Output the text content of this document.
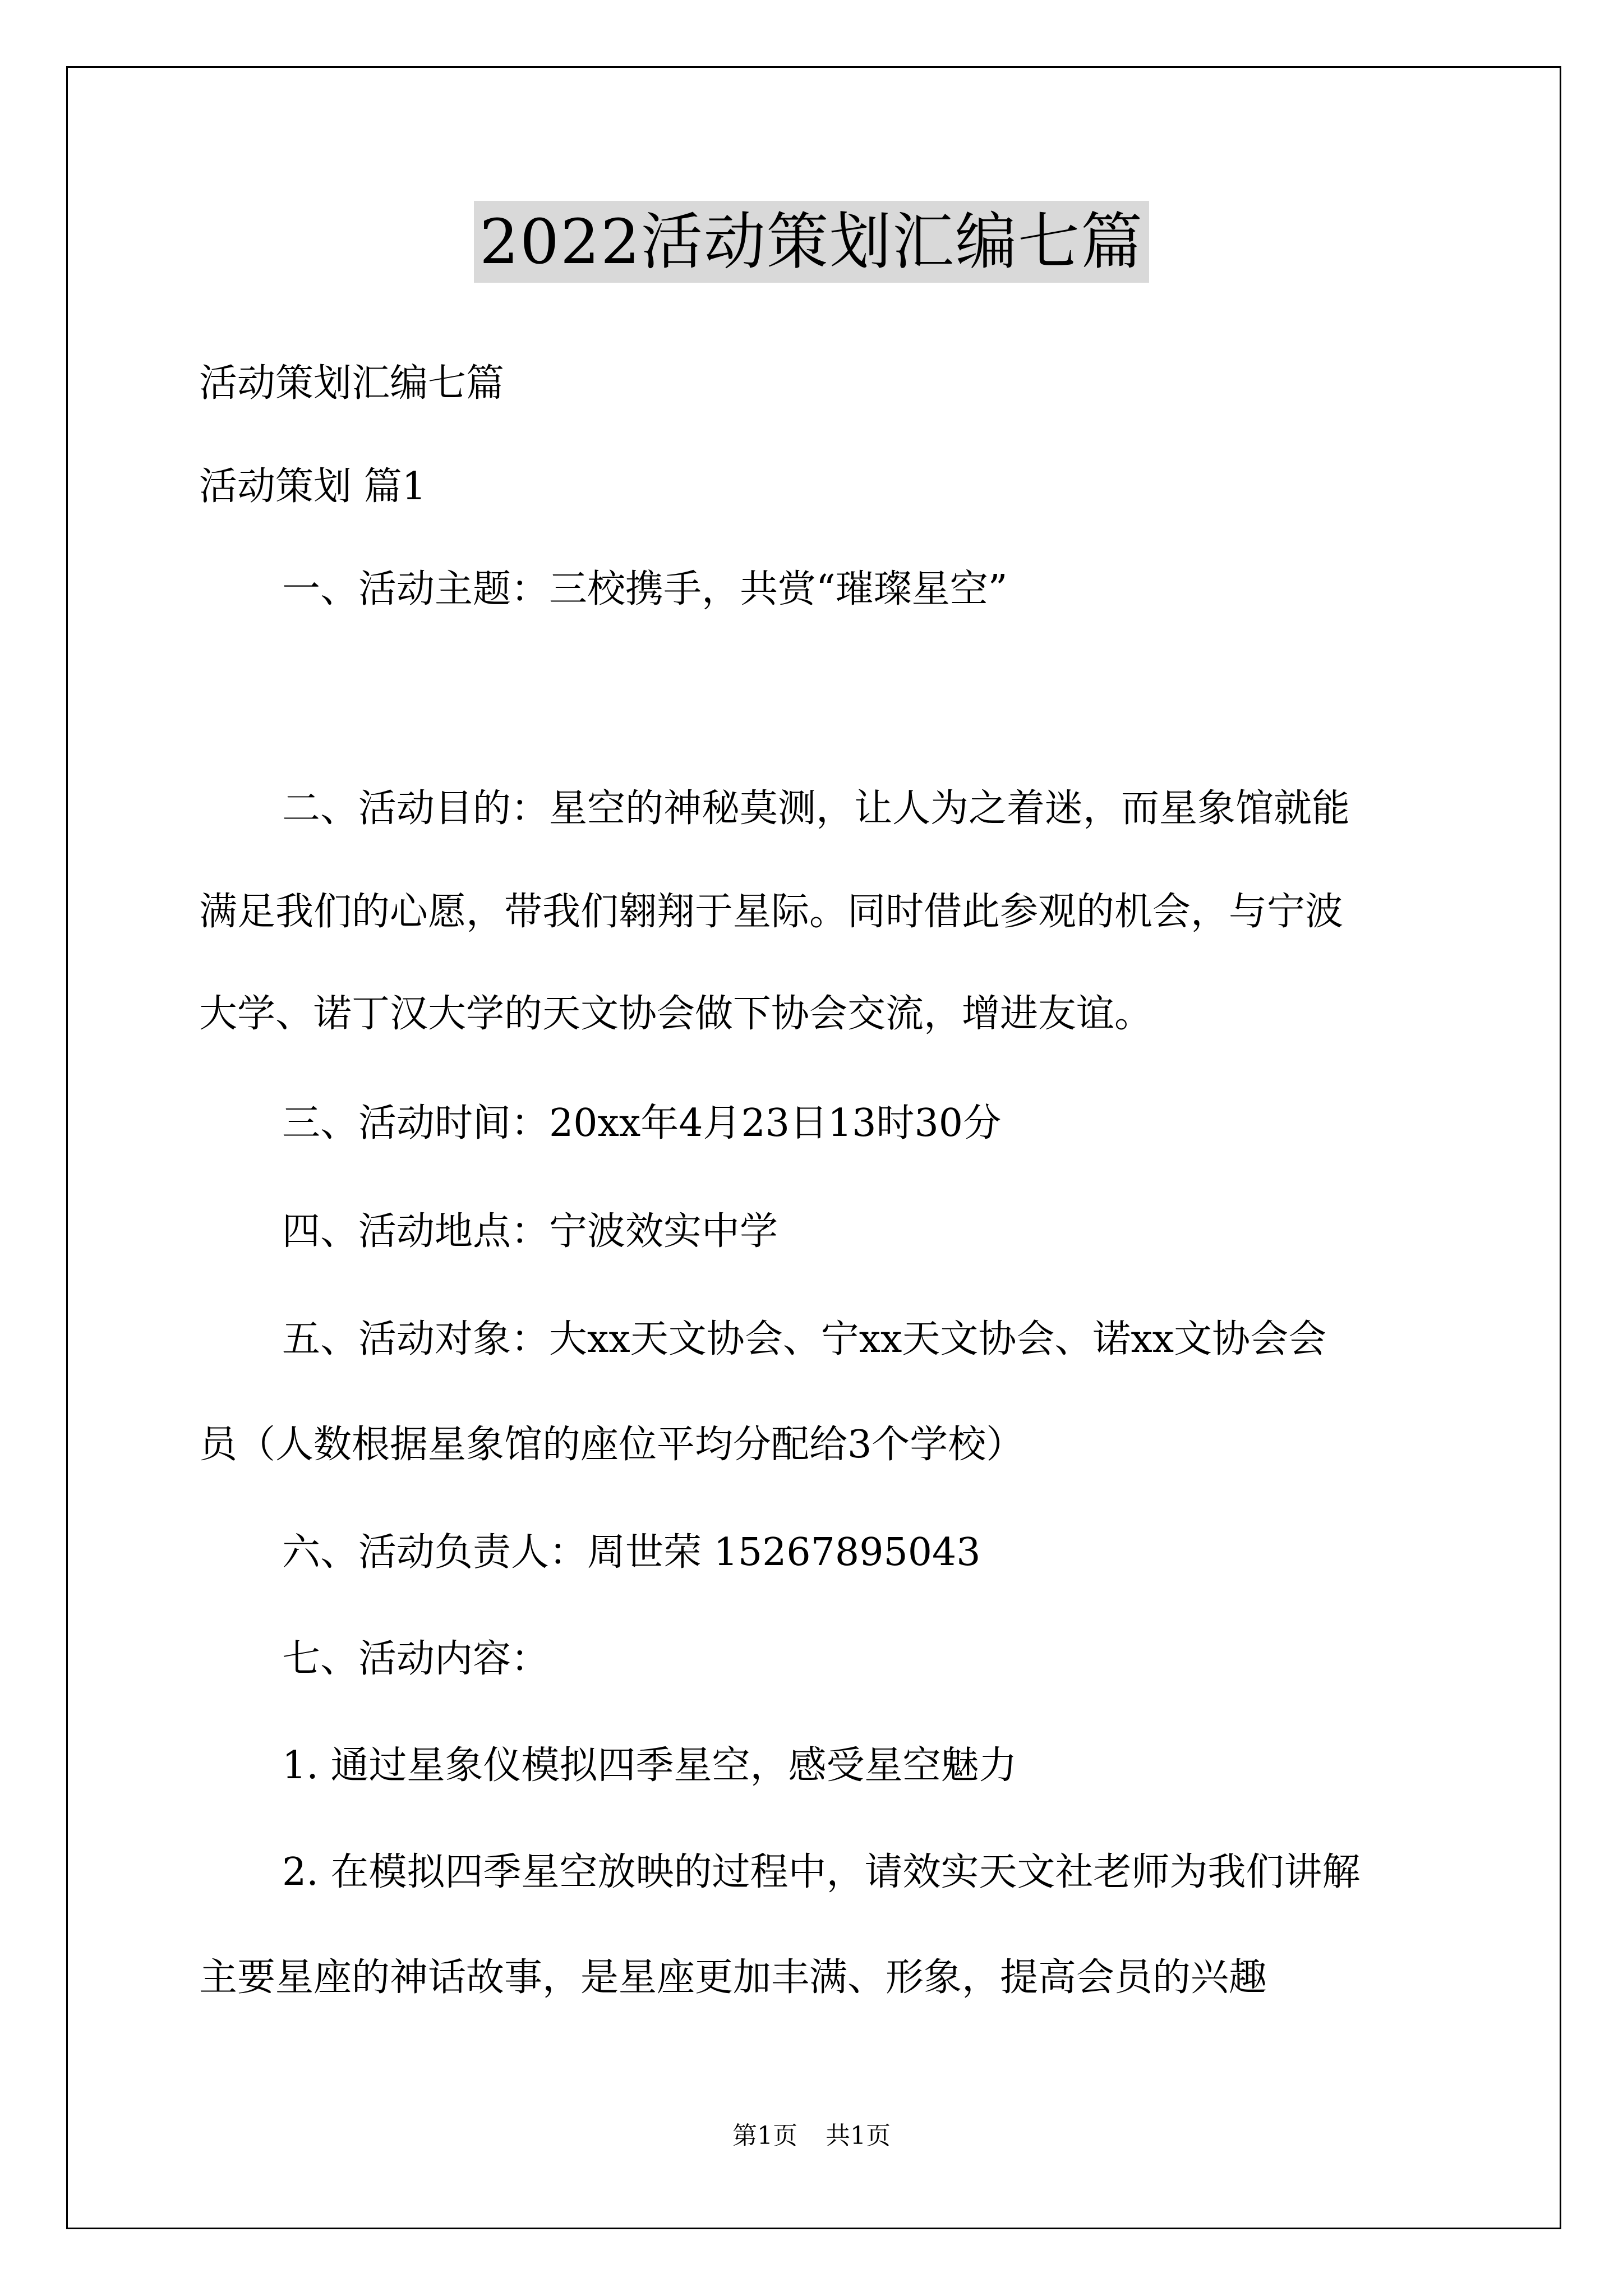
2022活动策划汇编七篇
活动策划汇编七篇
活动策划 篇1
一、活动主题：三校携手，共赏“璀璨星空”
二、活动目的：星空的神秘莫测，让人为之着迷，而星象馆就能
满足我们的心愿，带我们翱翔于星际。同时借此参观的机会，与宁波
大学、诺丁汉大学的天文协会做下协会交流，增进友谊。
三、活动时间：20xx年4月23日13时30分
四、活动地点：宁波效实中学
五、活动对象：大xx天文协会、宁xx天文协会、诺xx文协会会
员（人数根据星象馆的座位平均分配给3个学校）
六、活动负责人：周世荣 15267895043
七、活动内容：
1. 通过星象仪模拟四季星空，感受星空魅力
2. 在模拟四季星空放映的过程中，请效实天文社老师为我们讲解
主要星座的神话故事，是星座更加丰满、形象，提高会员的兴趣
第1页 共1页
